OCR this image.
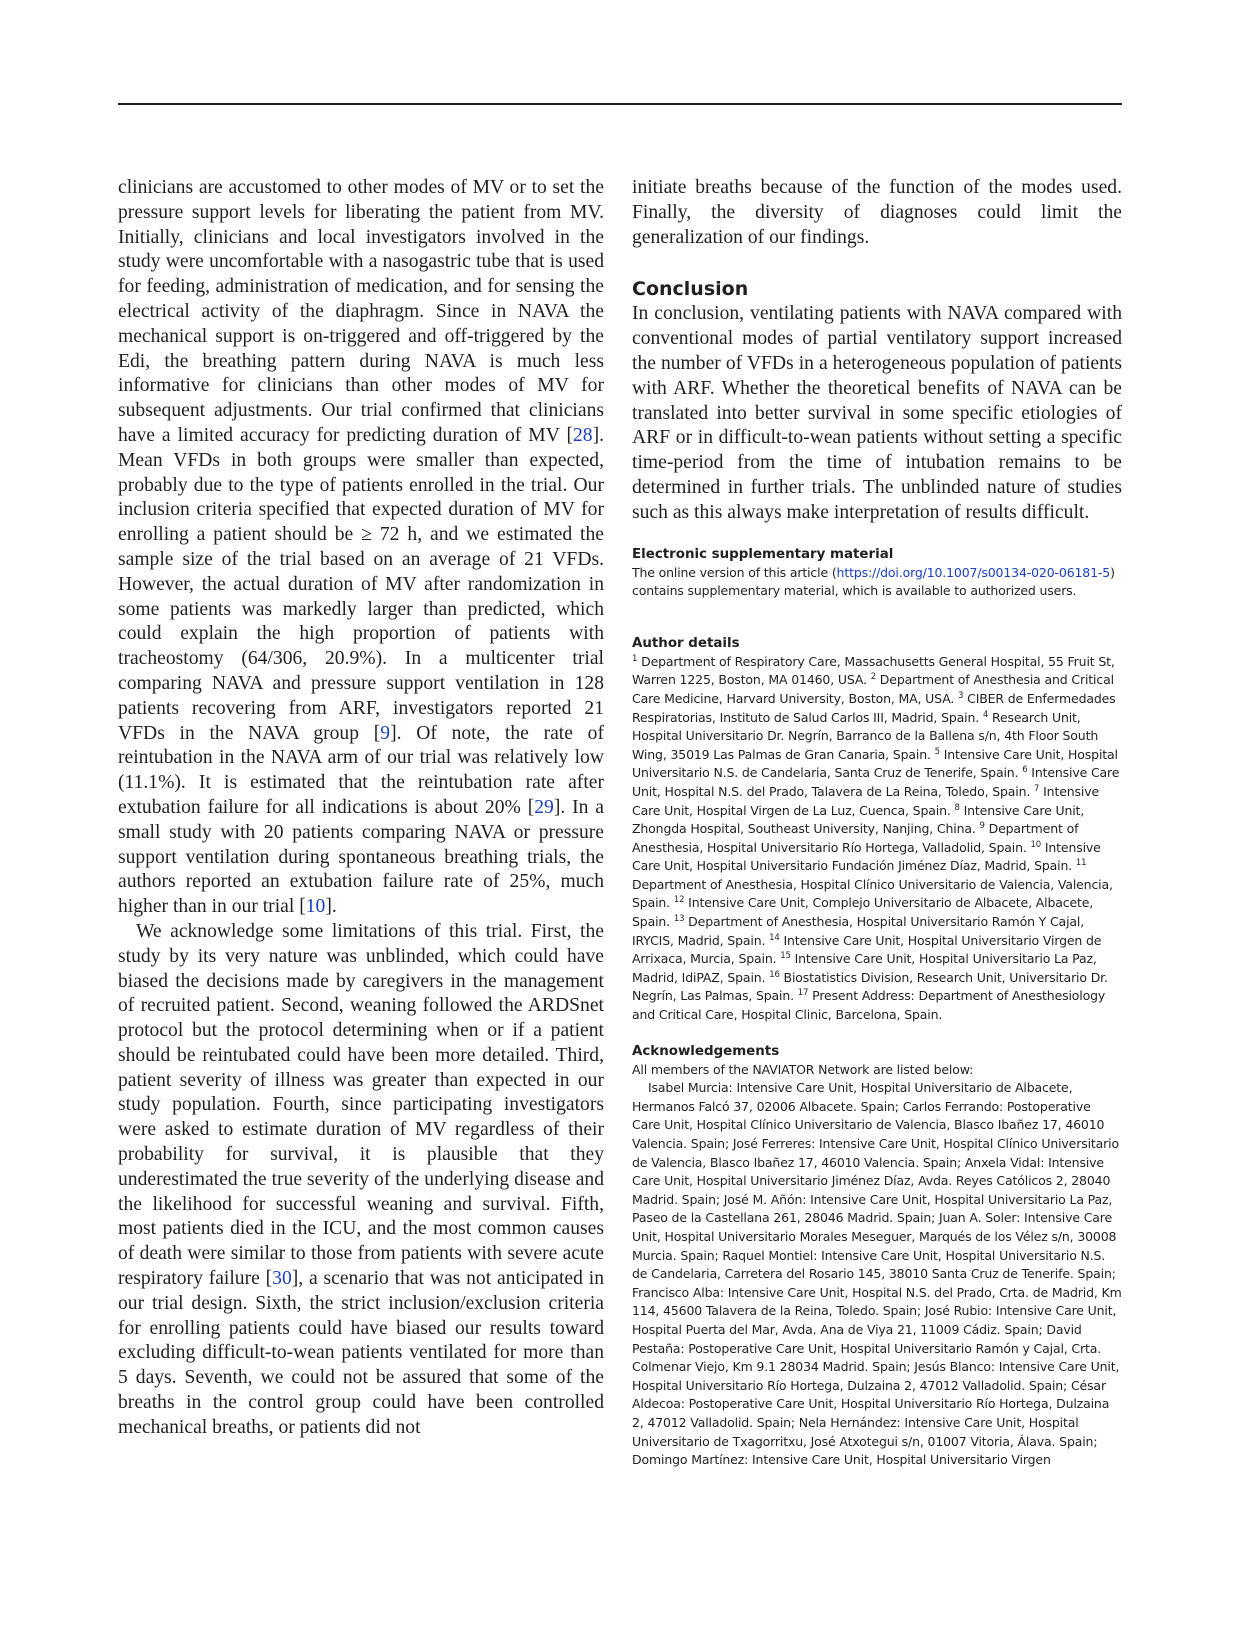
clinicians are accustomed to other modes of MV or to set the pressure support levels for liberating the patient from MV. Initially, clinicians and local investigators involved in the study were uncomfortable with a nasogastric tube that is used for feeding, administration of medication, and for sensing the electrical activity of the diaphragm. Since in NAVA the mechanical support is on-triggered and off-triggered by the Edi, the breathing pattern during NAVA is much less informative for clinicians than other modes of MV for subsequent adjustments. Our trial confirmed that clinicians have a limited accuracy for predicting duration of MV [28]. Mean VFDs in both groups were smaller than expected, probably due to the type of patients enrolled in the trial. Our inclusion criteria specified that expected duration of MV for enrolling a patient should be ≥ 72 h, and we estimated the sample size of the trial based on an average of 21 VFDs. However, the actual duration of MV after randomization in some patients was markedly larger than predicted, which could explain the high proportion of patients with tracheostomy (64/306, 20.9%). In a multicenter trial comparing NAVA and pressure support ventilation in 128 patients recovering from ARF, investigators reported 21 VFDs in the NAVA group [9]. Of note, the rate of reintubation in the NAVA arm of our trial was relatively low (11.1%). It is estimated that the reintubation rate after extubation failure for all indications is about 20% [29]. In a small study with 20 patients comparing NAVA or pressure support ventilation during spontaneous breathing trials, the authors reported an extubation failure rate of 25%, much higher than in our trial [10].

We acknowledge some limitations of this trial. First, the study by its very nature was unblinded, which could have biased the decisions made by caregivers in the management of recruited patient. Second, weaning followed the ARDSnet protocol but the protocol determining when or if a patient should be reintubated could have been more detailed. Third, patient severity of illness was greater than expected in our study population. Fourth, since participating investigators were asked to estimate duration of MV regardless of their probability for survival, it is plausible that they underestimated the true severity of the underlying disease and the likelihood for successful weaning and survival. Fifth, most patients died in the ICU, and the most common causes of death were similar to those from patients with severe acute respiratory failure [30], a scenario that was not anticipated in our trial design. Sixth, the strict inclusion/exclusion criteria for enrolling patients could have biased our results toward excluding difficult-to-wean patients ventilated for more than 5 days. Seventh, we could not be assured that some of the breaths in the control group could have been controlled mechanical breaths, or patients did not

initiate breaths because of the function of the modes used. Finally, the diversity of diagnoses could limit the generalization of our findings.

Conclusion

In conclusion, ventilating patients with NAVA compared with conventional modes of partial ventilatory support increased the number of VFDs in a heterogeneous population of patients with ARF. Whether the theoretical benefits of NAVA can be translated into better survival in some specific etiologies of ARF or in difficult-to-wean patients without setting a specific time-period from the time of intubation remains to be determined in further trials. The unblinded nature of studies such as this always make interpretation of results difficult.

Electronic supplementary material

The online version of this article (https://doi.org/10.1007/s00134-020-06181-5) contains supplementary material, which is available to authorized users.

Author details

$^1$ Department of Respiratory Care, Massachusetts General Hospital, 55 Fruit St, Warren 1225, Boston, MA 01460, USA. $^2$ Department of Anesthesia and Critical Care Medicine, Harvard University, Boston, MA, USA. $^3$ CIBER de Enfermedades Respiratorias, Instituto de Salud Carlos III, Madrid, Spain. $^4$ Research Unit, Hospital Universitario Dr. Negrín, Barranco de la Ballena s/n, 4th Floor South Wing, 35019 Las Palmas de Gran Canaria, Spain. $^5$ Intensive Care Unit, Hospital Universitario N.S. de Candelaria, Santa Cruz de Tenerife, Spain. $^6$ Intensive Care Unit, Hospital N.S. del Prado, Talavera de La Reina, Toledo, Spain. $^7$ Intensive Care Unit, Hospital Virgen de La Luz, Cuenca, Spain. $^8$ Intensive Care Unit, Zhongda Hospital, Southeast University, Nanjing, China. $^9$ Department of Anesthesia, Hospital Universitario Río Hortega, Valladolid, Spain. $^{10}$ Intensive Care Unit, Hospital Universitario Fundación Jiménez Díaz, Madrid, Spain. $^{11}$ Department of Anesthesia, Hospital Clínico Universitario de Valencia, Valencia, Spain. $^{12}$ Intensive Care Unit, Complejo Universitario de Albacete, Albacete, Spain. $^{13}$ Department of Anesthesia, Hospital Universitario Ramón Y Cajal, IRYCIS, Madrid, Spain. $^{14}$ Intensive Care Unit, Hospital Universitario Virgen de Arrixaca, Murcia, Spain. $^{15}$ Intensive Care Unit, Hospital Universitario La Paz, Madrid, IdiPAZ, Spain. $^{16}$ Biostatistics Division, Research Unit, Universitario Dr. Negrín, Las Palmas, Spain. $^{17}$ Present Address: Department of Anesthesiology and Critical Care, Hospital Clinic, Barcelona, Spain.

Acknowledgements

All members of the NAVIATOR Network are listed below:

Isabel Murcia: Intensive Care Unit, Hospital Universitario de Albacete, Hermanos Falcó 37, 02006 Albacete. Spain; Carlos Ferrando: Postoperative Care Unit, Hospital Clínico Universitario de Valencia, Blasco Ibañez 17, 46010 Valencia. Spain; José Ferreres: Intensive Care Unit, Hospital Clínico Universitario de Valencia, Blasco Ibañez 17, 46010 Valencia. Spain; Anxela Vidal: Intensive Care Unit, Hospital Universitario Jiménez Díaz, Avda. Reyes Católicos 2, 28040 Madrid. Spain; José M. Añón: Intensive Care Unit, Hospital Universitario La Paz, Paseo de la Castellana 261, 28046 Madrid. Spain; Juan A. Soler: Intensive Care Unit, Hospital Universitario Morales Meseguer, Marqués de los Vélez s/n, 30008 Murcia. Spain; Raquel Montiel: Intensive Care Unit, Hospital Universitario N.S. de Candelaria, Carretera del Rosario 145, 38010 Santa Cruz de Tenerife. Spain; Francisco Alba: Intensive Care Unit, Hospital N.S. del Prado, Crta. de Madrid, Km 114, 45600 Talavera de la Reina, Toledo. Spain; José Rubio: Intensive Care Unit, Hospital Puerta del Mar, Avda. Ana de Viya 21, 11009 Cádiz. Spain; David Pestaña: Postoperative Care Unit, Hospital Universitario Ramón y Cajal, Crta. Colmenar Viejo, Km 9.1 28034 Madrid. Spain; Jesús Blanco: Intensive Care Unit, Hospital Universitario Río Hortega, Dulzaina 2, 47012 Valladolid. Spain; César Aldecoa: Postoperative Care Unit, Hospital Universitario Río Hortega, Dulzaina 2, 47012 Valladolid. Spain; Nela Hernández: Intensive Care Unit, Hospital Universitario de Txagorritxu, José Atxotegui s/n, 01007 Vitoria, Álava. Spain; Domingo Martínez: Intensive Care Unit, Hospital Universitario Virgen
